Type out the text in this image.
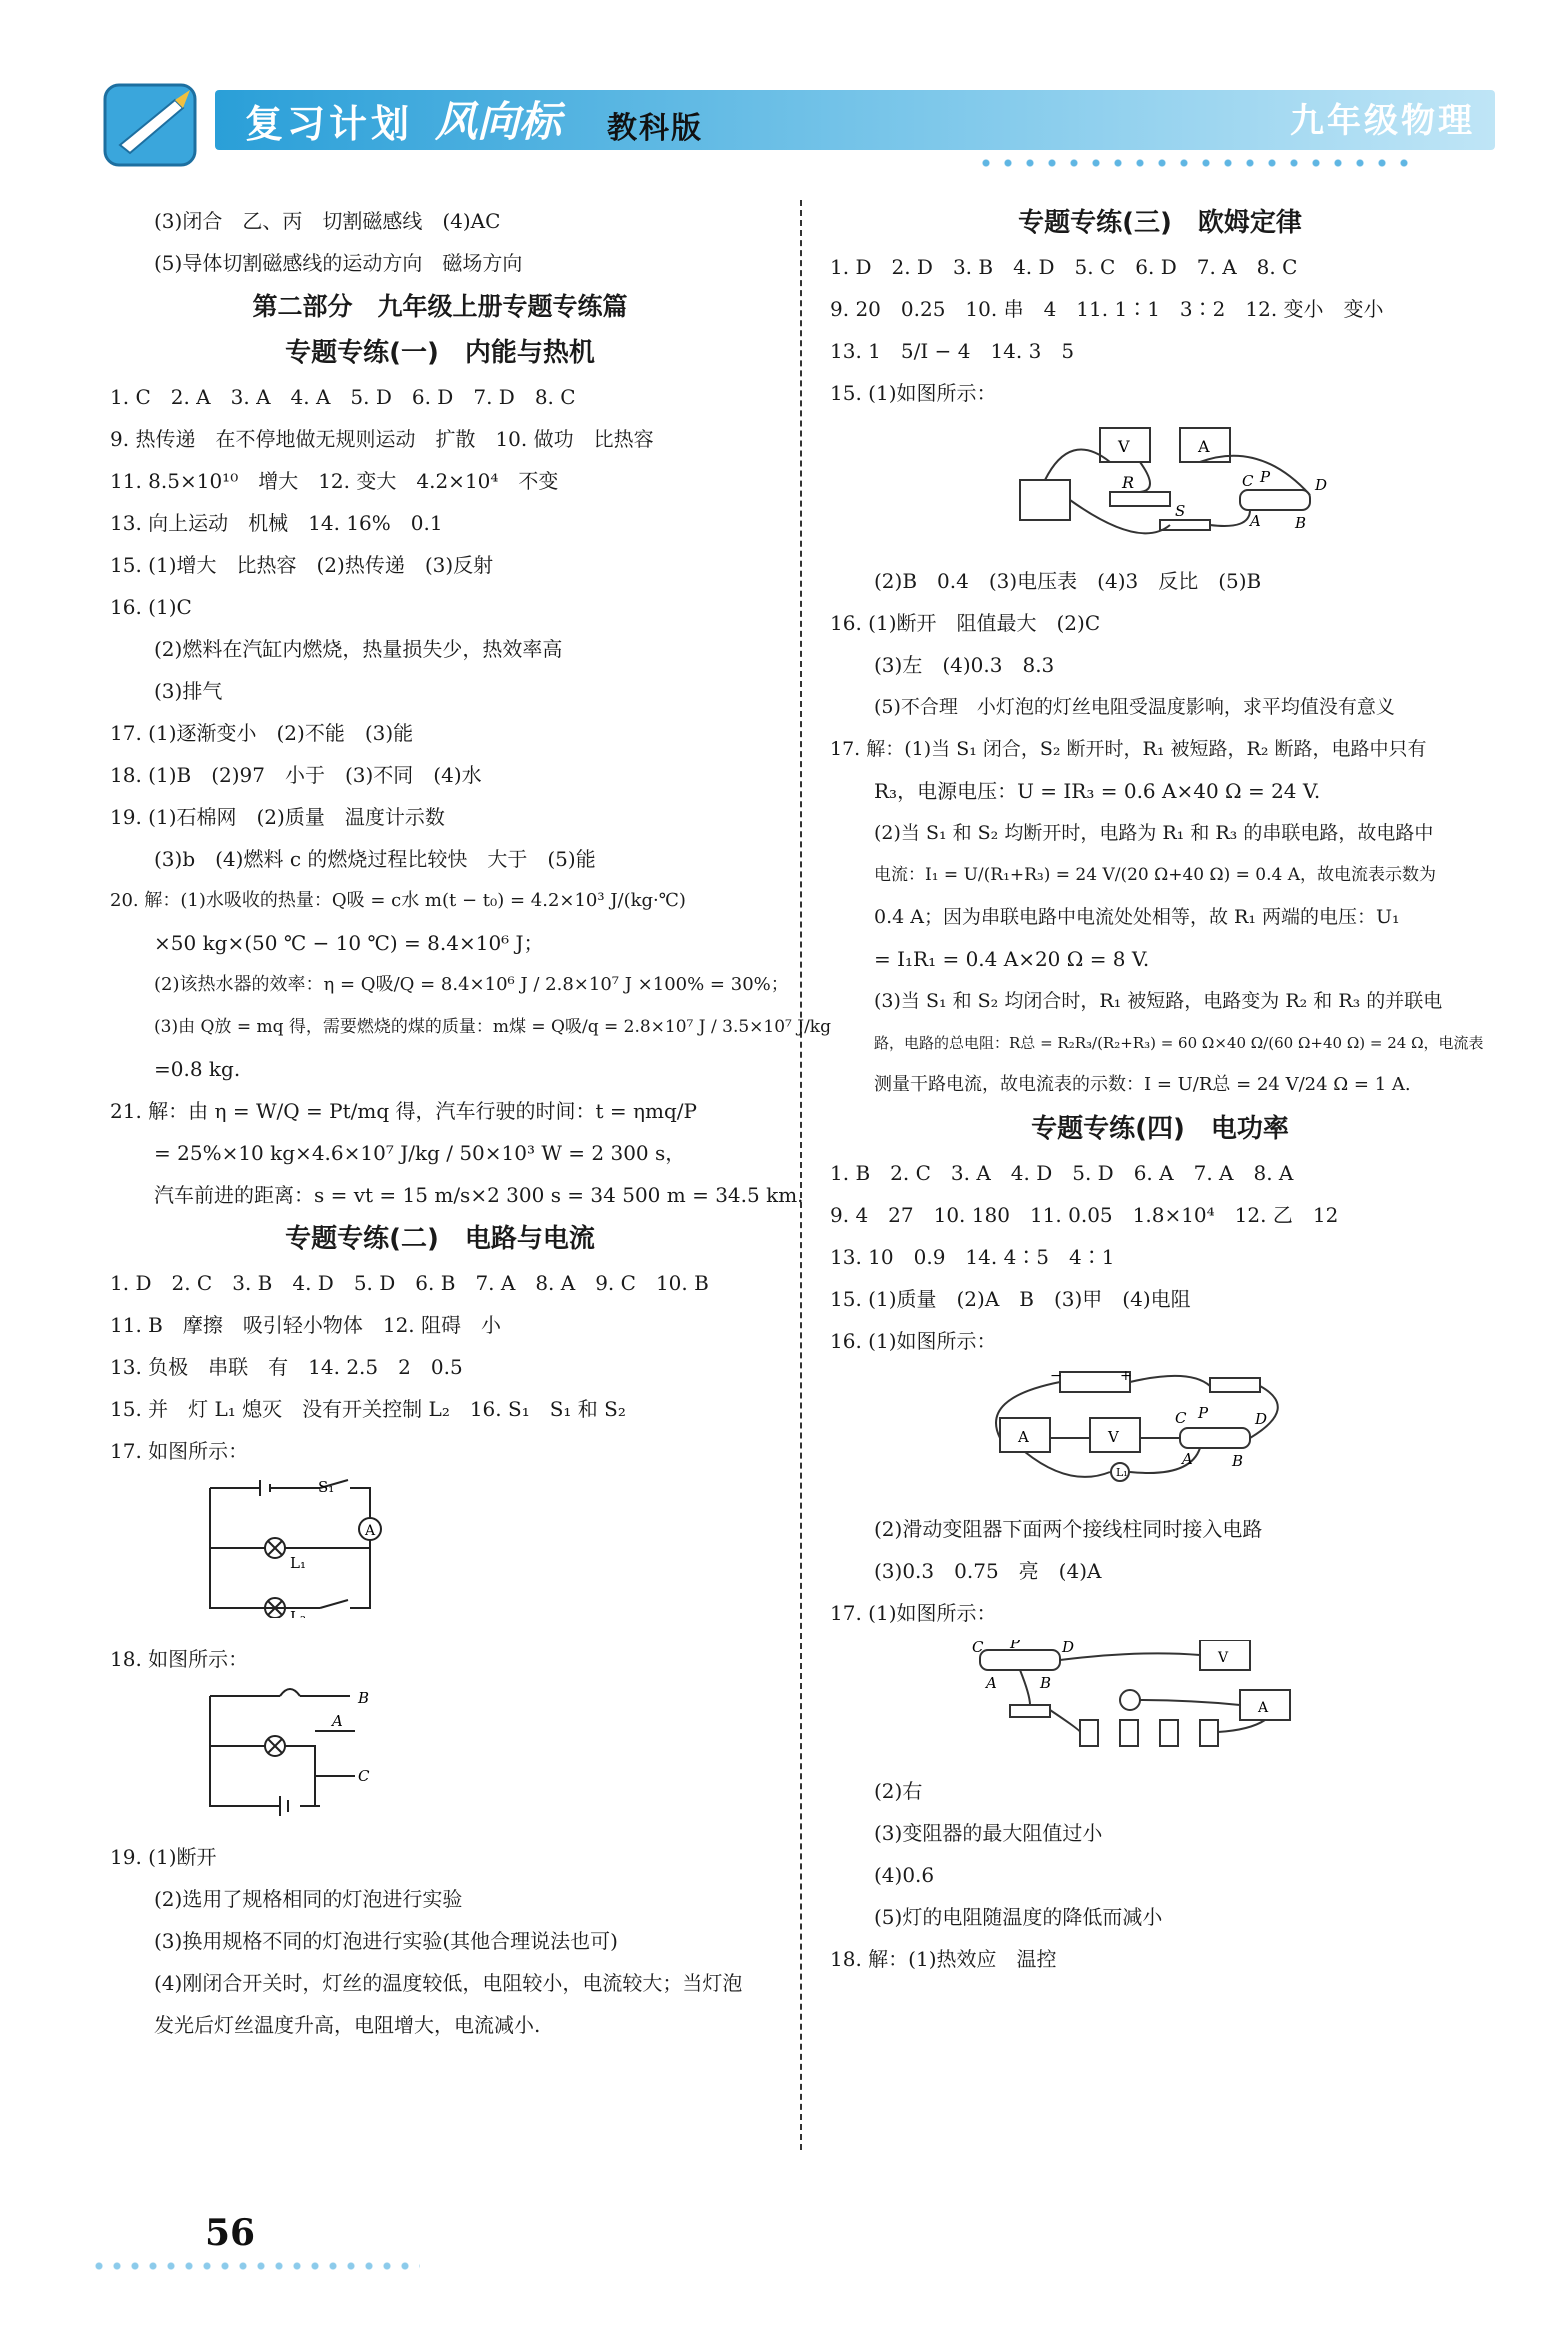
复习计划 风向标 教科版	九年级物理
(3)闭合　乙、丙　切割磁感线　(4)AC
(5)导体切割磁感线的运动方向　磁场方向
第二部分　九年级上册专题专练篇
专题专练(一)　内能与热机
1. C　2. A　3. A　4. A　5. D　6. D　7. D　8. C
9. 热传递　在不停地做无规则运动　扩散　10. 做功　比热容
11. 8.5×10¹⁰　增大　12. 变大　4.2×10⁴　不变
13. 向上运动　机械　14. 16%　0.1
15. (1)增大　比热容　(2)热传递　(3)反射
16. (1)C
(2)燃料在汽缸内燃烧，热量损失少，热效率高
(3)排气
17. (1)逐渐变小　(2)不能　(3)能
18. (1)B　(2)97　小于　(3)不同　(4)水
19. (1)石棉网　(2)质量　温度计示数
(3)b　(4)燃料 c 的燃烧过程比较快　大于　(5)能
20. 解：(1)水吸收的热量：Q吸 = c水 m(t − t₀) = 4.2×10³ J/(kg·℃)
×50 kg×(50 ℃ − 10 ℃) = 8.4×10⁶ J；
(2)该热水器的效率：η = Q吸/Q = 8.4×10⁶ J / 2.8×10⁷ J ×100% = 30%；
(3)由 Q放 = mq 得，需要燃烧的煤的质量：m煤 = Q吸/q = 2.8×10⁷ J / 3.5×10⁷ J/kg
=0.8 kg.
21. 解：由 η = W/Q = Pt/mq 得，汽车行驶的时间：t = ηmq/P
= 25%×10 kg×4.6×10⁷ J/kg / 50×10³ W = 2 300 s，
汽车前进的距离：s = vt = 15 m/s×2 300 s = 34 500 m = 34.5 km.
专题专练(二)　电路与电流
1. D　2. C　3. B　4. D　5. D　6. B　7. A　8. A　9. C　10. B
11. B　摩擦　吸引轻小物体　12. 阻碍　小
13. 负极　串联　有　14. 2.5　2　0.5
15. 并　灯 L₁ 熄灭　没有开关控制 L₂　16. S₁　S₁ 和 S₂
17. 如图所示：
A
S₁
L₁
L₂
18. 如图所示：
B
A
C
19. (1)断开
(2)选用了规格相同的灯泡进行实验
(3)换用规格不同的灯泡进行实验(其他合理说法也可)
(4)刚闭合开关时，灯丝的温度较低，电阻较小，电流较大；当灯泡
发光后灯丝温度升高，电阻增大，电流减小.
专题专练(三)　欧姆定律
1. D　2. D　3. B　4. D　5. C　6. D　7. A　8. C
9. 20　0.25　10. 串　4　11. 1∶1　3∶2　12. 变小　变小
13. 1　5/I − 4　14. 3　5
15. (1)如图所示：
V	A
R	C P	D
A B
S
(2)B　0.4　(3)电压表　(4)3　反比　(5)B
16. (1)断开　阻值最大　(2)C
(3)左　(4)0.3　8.3
(5)不合理　小灯泡的灯丝电阻受温度影响，求平均值没有意义
17. 解：(1)当 S₁ 闭合，S₂ 断开时，R₁ 被短路，R₂ 断路，电路中只有
R₃，电源电压：U = IR₃ = 0.6 A×40 Ω = 24 V.
(2)当 S₁ 和 S₂ 均断开时，电路为 R₁ 和 R₃ 的串联电路，故电路中
电流：I₁ = U/(R₁+R₃) = 24 V/(20 Ω+40 Ω) = 0.4 A，故电流表示数为
0.4 A；因为串联电路中电流处处相等，故 R₁ 两端的电压：U₁
= I₁R₁ = 0.4 A×20 Ω = 8 V.
(3)当 S₁ 和 S₂ 均闭合时，R₁ 被短路，电路变为 R₂ 和 R₃ 的并联电
路，电路的总电阻：R总 = R₂R₃/(R₂+R₃) = 60 Ω×40 Ω/(60 Ω+40 Ω) = 24 Ω，电流表
测量干路电流，故电流表的示数：I = U/R总 = 24 V/24 Ω = 1 A.
专题专练(四)　电功率
1. B　2. C　3. A　4. D　5. D　6. A　7. A　8. A
9. 4　27　10. 180　11. 0.05　1.8×10⁴　12. 乙　12
13. 10　0.9　14. 4∶5　4∶1
15. (1)质量　(2)A　B　(3)甲　(4)电阻
16. (1)如图所示：
+
−
A	V
C P	D
A	B
L₁
(2)滑动变阻器下面两个接线柱同时接入电路
(3)0.3　0.75　亮　(4)A
17. (1)如图所示：
C P	D
A	B
V
A
(2)右
(3)变阻器的最大阻值过小
(4)0.6
(5)灯的电阻随温度的降低而减小
18. 解：(1)热效应　温控
56
